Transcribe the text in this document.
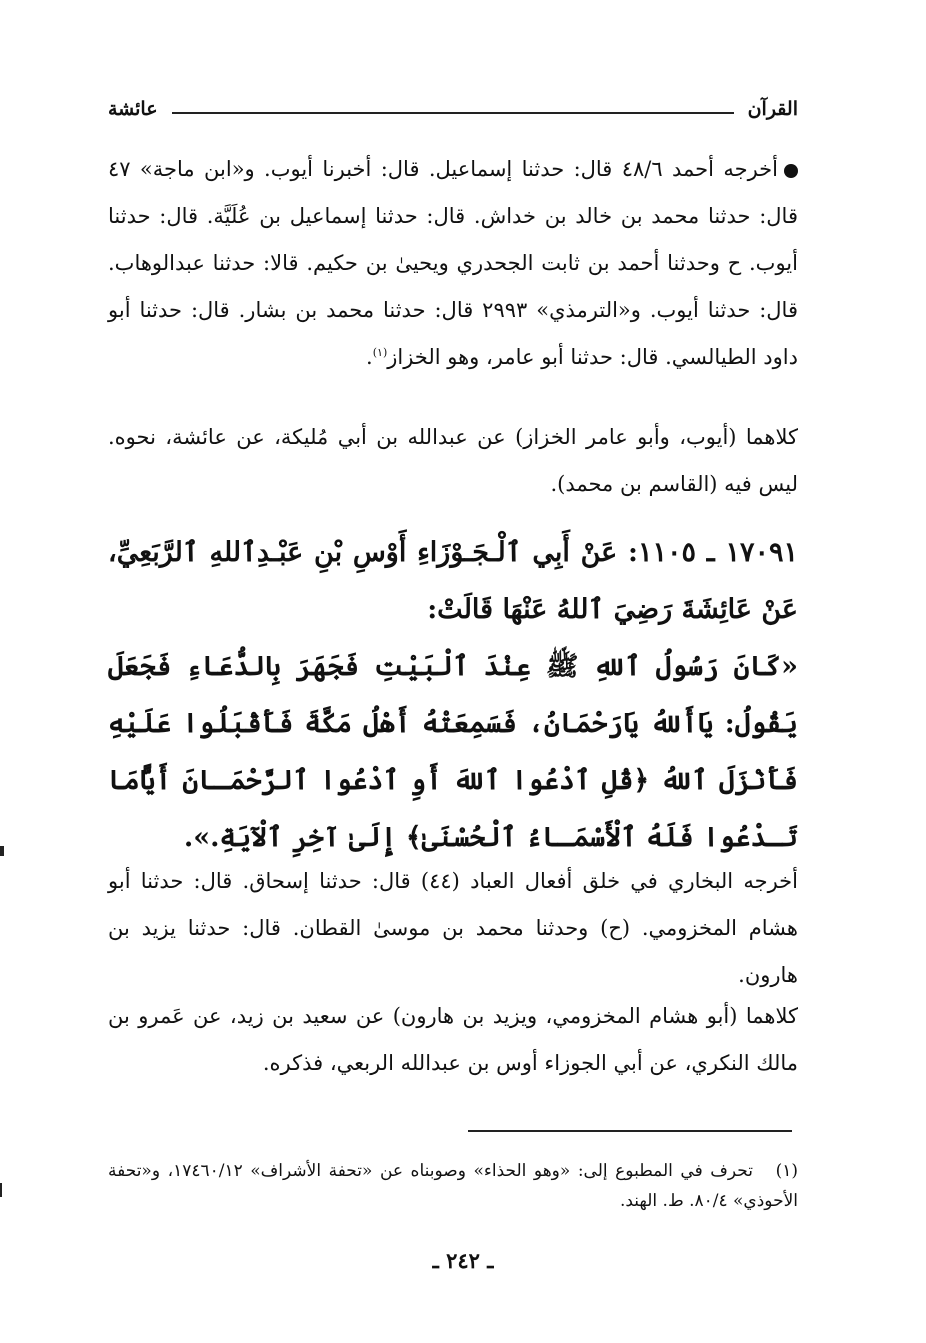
القرآن
عائشة
أخرجه أحمد ٤٨/٦ قال: حدثنا إسماعيل. قال: أخبرنا أيوب. و«ابن ماجة» ٤٧ قال: حدثنا محمد بن خالد بن خداش. قال: حدثنا إسماعيل بن عُلَيَّة. قال: حدثنا أيوب. ح وحدثنا أحمد بن ثابت الجحدري ويحيىٰ بن حكيم. قالا: حدثنا عبدالوهاب. قال: حدثنا أيوب. و«الترمذي» ٢٩٩٣ قال: حدثنا محمد بن بشار. قال: حدثنا أبو داود الطيالسي. قال: حدثنا أبو عامر، وهو الخزاز$^{(١)}$.
كلاهما (أيوب، وأبو عامر الخزاز) عن عبدالله بن أبي مُليكة، عن عائشة، نحوه. ليس فيه (القاسم بن محمد).
١٧٠٩١ ـ ١١٠٥: عَنْ أَبِي ٱلْـجَـوْزَاءِ أَوْسِ بْنِ عَبْـدِٱللهِ ٱلرَّبَعِيِّ، عَنْ عَائِشَةَ رَضِيَ ٱللهُ عَنْهَا قَالَتْ:
«كَانَ رَسُولُ ٱللهِ ﷺ عِنْدَ ٱلْبَيْتِ فَجَهَرَ بِالدُّعَاءِ فَجَعَلَ يَقُولُ: يَاأَللهُ يَارَحْمَانُ، فَسَمِعَتْهُ أَهْلُ مَكَّةَ فَأَقْبَلُوا عَلَيْهِ فَأَنْزَلَ ٱللهُ ﴿قُلِ ٱدْعُوا ٱللهَ أَوِ ٱدْعُوا ٱلرَّحْمَـانَ أَيًّامَا تَـدْعُوا فَلَهُ ٱلْأَسْمَـاءُ ٱلْحُسْنَىٰ﴾ إِلَىٰ آخِرِ ٱلْآيَةِ.».
أخرجه البخاري في خلق أفعال العباد (٤٤) قال: حدثنا إسحاق. قال: حدثنا أبو هشام المخزومي. (ح) وحدثنا محمد بن موسىٰ القطان. قال: حدثنا يزيد بن هارون.
كلاهما (أبو هشام المخزومي، ويزيد بن هارون) عن سعيد بن زيد، عن عَمرو بن مالك النكري، عن أبي الجوزاء أوس بن عبدالله الربعي، فذكره.
(١)   تحرف في المطبوع إلى: «وهو الحذاء» وصوبناه عن «تحفة الأشراف» ١٧٤٦٠/١٢، و«تحفة الأحوذي» ٨٠/٤. ط. الهند.
ـ ٢٤٢ ـ
